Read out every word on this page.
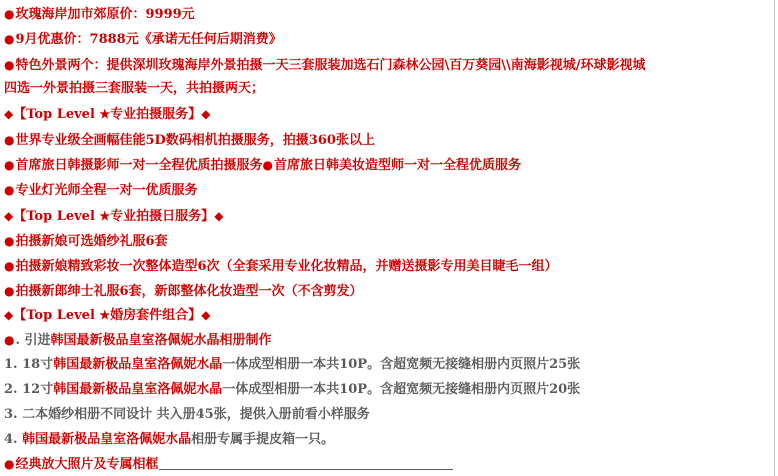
●玫瑰海岸加市郊原价：9999元
●9月优惠价：7888元《承诺无任何后期消费》
●特色外景两个：提供深圳玫瑰海岸外景拍摄一天三套服装加选石门森林公园\百万葵园\\南海影视城/环球影视城
四选一外景拍摄三套服装一天，共拍摄两天；
◆【Top Level ★专业拍摄服务】◆
●世界专业级全画幅佳能5D数码相机拍摄服务，拍摄360张以上
●首席旅日韩摄影师一对一全程优质拍摄服务●首席旅日韩美妆造型师一对一全程优质服务
●专业灯光师全程一对一优质服务
◆【Top Level ★专业拍摄日服务】◆
●拍摄新娘可选婚纱礼服6套
●拍摄新娘精致彩妆一次整体造型6次（全套采用专业化妆精品，并赠送摄影专用美目睫毛一组）
●拍摄新郎绅士礼服6套，新郎整体化妆造型一次（不含剪发）
◆【Top Level ★婚房套件组合】◆
●. 引进韩国最新极品皇室洛佩妮水晶相册制作
1. 18寸韩国最新极品皇室洛佩妮水晶一体成型相册一本共10P。含超宽频无接缝相册内页照片25张
2. 12寸韩国最新极品皇室洛佩妮水晶一体成型相册一本共10P。含超宽频无接缝相册内页照片20张
3. 二本婚纱相册不同设计 共入册45张，提供入册前看小样服务
4. 韩国最新极品皇室洛佩妮水晶相册专属手提皮箱一只。
●经典放大照片及专属相框
